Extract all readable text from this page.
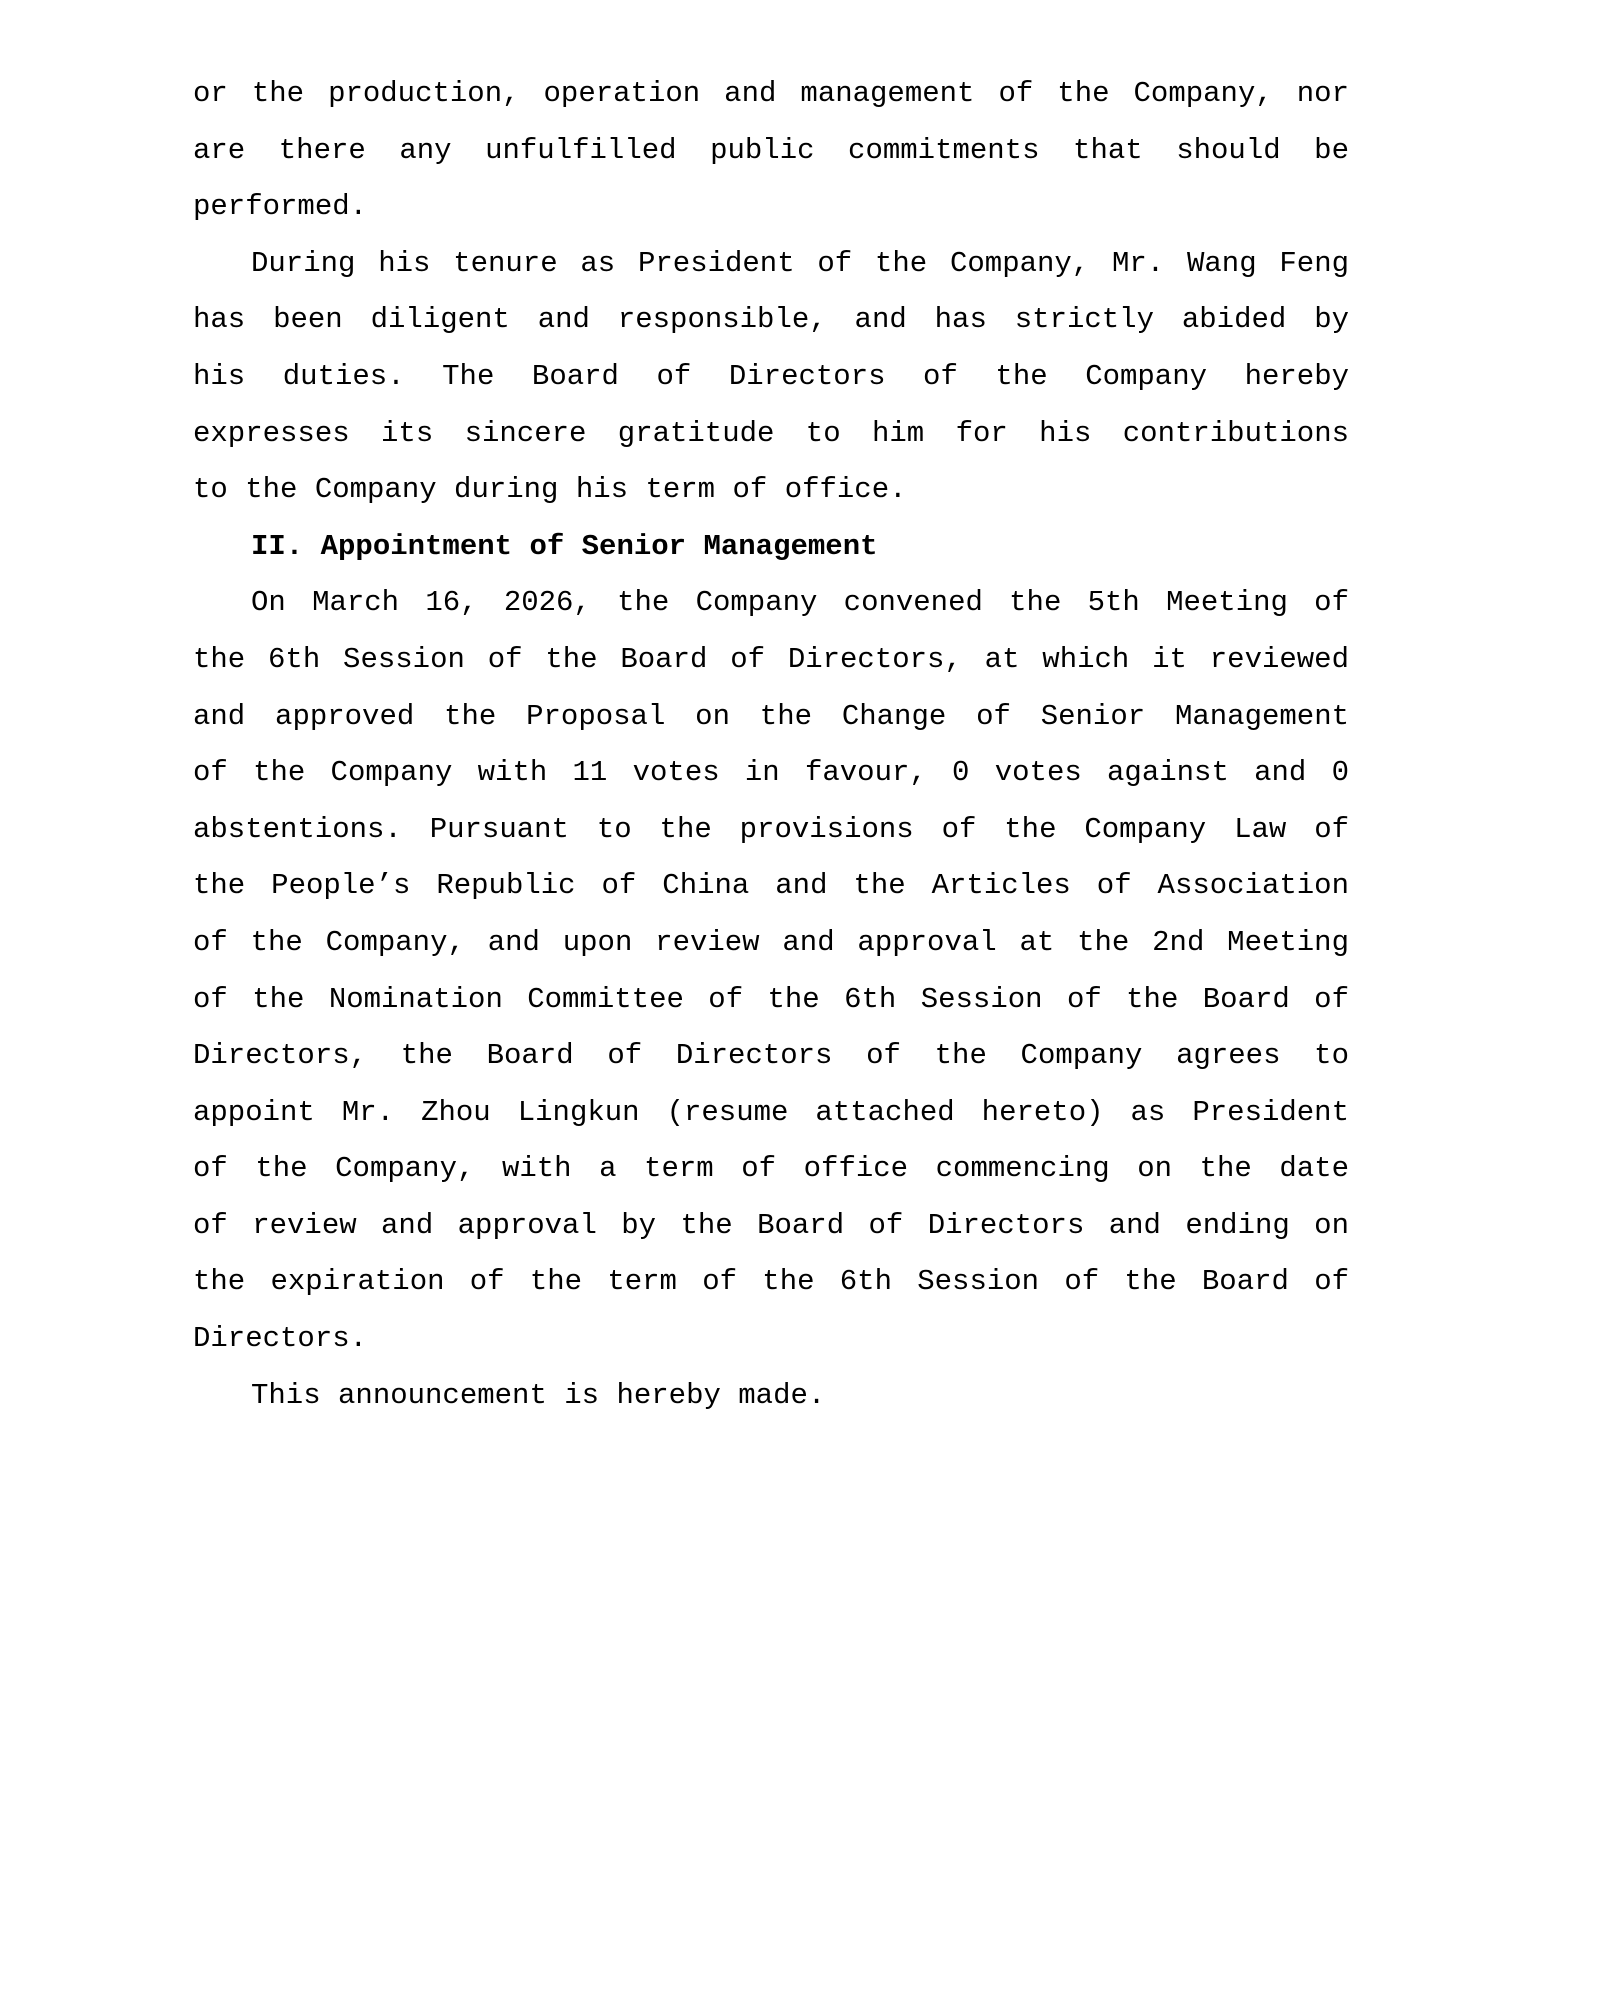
or the production, operation and management of the Company, nor
are there any unfulfilled public commitments that should be
performed.
During his tenure as President of the Company, Mr. Wang Feng
has been diligent and responsible, and has strictly abided by
his duties. The Board of Directors of the Company hereby
expresses its sincere gratitude to him for his contributions
to the Company during his term of office.
II. Appointment of Senior Management
On March 16, 2026, the Company convened the 5th Meeting of
the 6th Session of the Board of Directors, at which it reviewed
and approved the Proposal on the Change of Senior Management
of the Company with 11 votes in favour, 0 votes against and 0
abstentions. Pursuant to the provisions of the Company Law of
the People’s Republic of China and the Articles of Association
of the Company, and upon review and approval at the 2nd Meeting
of the Nomination Committee of the 6th Session of the Board of
Directors, the Board of Directors of the Company agrees to
appoint Mr. Zhou Lingkun (resume attached hereto) as President
of the Company, with a term of office commencing on the date
of review and approval by the Board of Directors and ending on
the expiration of the term of the 6th Session of the Board of
Directors.
This announcement is hereby made.
